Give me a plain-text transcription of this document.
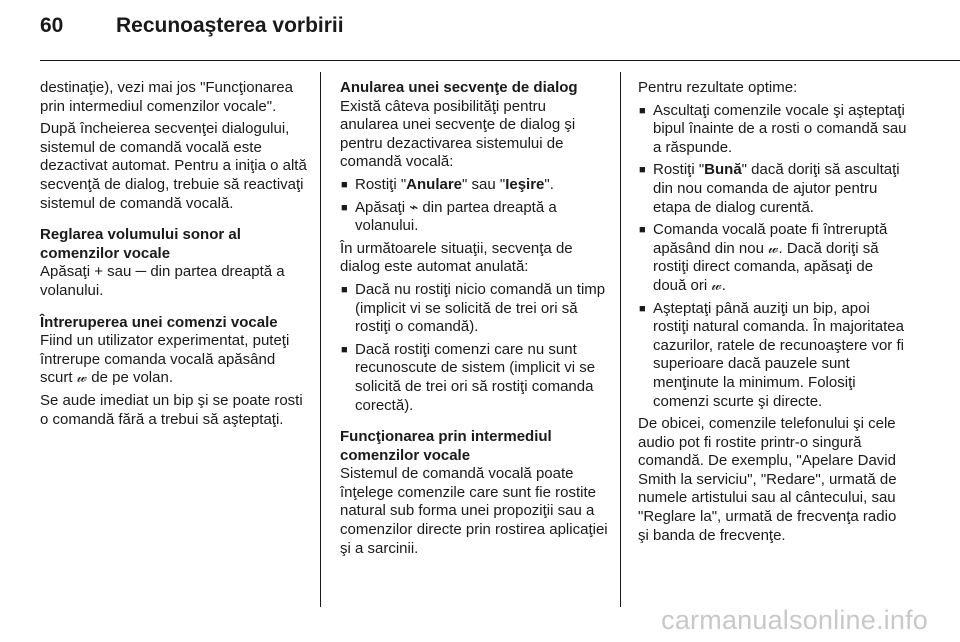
60	Recunoaşterea vorbirii

destinaţie), vezi mai jos "Funcţionarea prin intermediul comenzilor vocale".

După încheierea secvenţei dialogului, sistemul de comandă vocală este dezactivat automat. Pentru a iniţia o altă secvenţă de dialog, trebuie să reactivaţi sistemul de comandă vocală.

Reglarea volumului sonor al comenzilor vocale

Apăsaţi + sau ─ din partea dreaptă a volanului.

Întreruperea unei comenzi vocale

Fiind un utilizator experimentat, puteţi întrerupe comanda vocală apăsând scurt 𝓌 de pe volan.

Se aude imediat un bip şi se poate rosti o comandă fără a trebui să aşteptaţi.

Anularea unei secvenţe de dialog

Există câteva posibilităţi pentru anularea unei secvenţe de dialog şi pentru dezactivarea sistemului de comandă vocală:

■ Rostiţi "Anulare" sau "Ieşire".
■ Apăsaţi ⌁ din partea dreaptă a volanului.

În următoarele situaţii, secvenţa de dialog este automat anulată:

■ Dacă nu rostiţi nicio comandă un timp (implicit vi se solicită de trei ori să rostiţi o comandă).
■ Dacă rostiţi comenzi care nu sunt recunoscute de sistem (implicit vi se solicită de trei ori să rostiţi comanda corectă).
Funcţionarea prin intermediul comenzilor vocale

Sistemul de comandă vocală poate înţelege comenzile care sunt fie rostite natural sub forma unei propoziţii sau a comenzilor directe prin rostirea aplicaţiei şi a sarcinii.

Pentru rezultate optime:

■ Ascultaţi comenzile vocale şi aşteptaţi bipul înainte de a rosti o comandă sau a răspunde.
■ Rostiţi "Bună" dacă doriţi să ascultaţi din nou comanda de ajutor pentru etapa de dialog curentă.
■ Comanda vocală poate fi întreruptă apăsând din nou 𝓌. Dacă doriţi să rostiţi direct comanda, apăsaţi de două ori 𝓌.
■ Aşteptaţi până auziţi un bip, apoi rostiţi natural comanda. În majoritatea cazurilor, ratele de recunoaştere vor fi superioare dacă pauzele sunt menţinute la minimum. Folosiţi comenzi scurte şi directe.

De obicei, comenzile telefonului şi cele audio pot fi rostite printr-o singură comandă. De exemplu, "Apelare David Smith la serviciu", "Redare", urmată de numele artistului sau al cântecului, sau "Reglare la", urmată de frecvenţa radio şi banda de frecvenţe.

carmanualsonline.info
